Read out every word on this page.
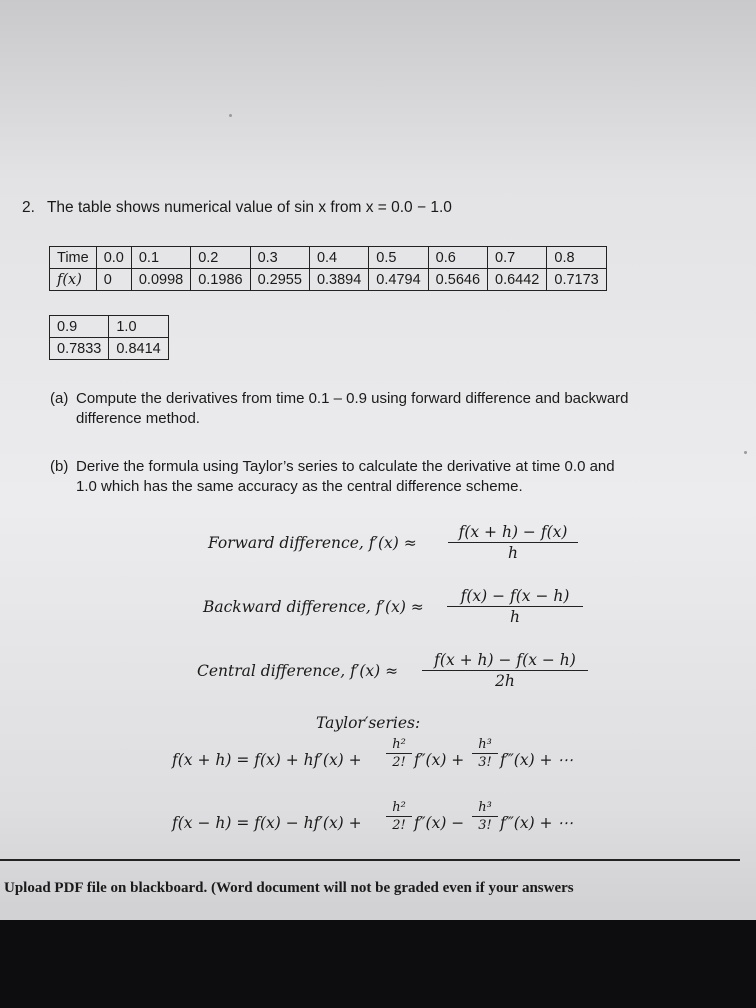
2. The table shows numerical value of sin x from x = 0.0 − 1.0
Time	0.0	0.1	0.2	0.3	0.4	0.5	0.6	0.7	0.8
f(x)	0	0.0998	0.1986	0.2955	0.3894	0.4794	0.5646	0.6442	0.7173
0.9	1.0
0.7833	0.8414
(a) Compute the derivatives from time 0.1 – 0.9 using forward difference and backward
difference method.
(b) Derive the formula using Taylor’s series to calculate the derivative at time 0.0 and
1.0 which has the same accuracy as the central difference scheme.
Forward difference, $f'(x) \approx \frac{f(x + h) - f(x)}{h}$
Backward difference, $f'(x) \approx \frac{f(x) - f(x - h)}{h}$
Central difference, $f'(x) \approx \frac{f(x + h) - f(x - h)}{2h}$
Taylor′series:
$f(x + h) = f(x) + hf'(x) + \frac{\text{h²}}{2!} f''(x) + \frac{\text{h³}}{3!}$ f‴(x) + ⋯
$f(x - h) = f(x) - hf'(x) + \frac{\text{h²}}{2!} f''(x) - \frac{\text{h³}}{3!}$ f‴(x) + ⋯
Upload PDF file on blackboard. (Word document will not be graded even if your answers
